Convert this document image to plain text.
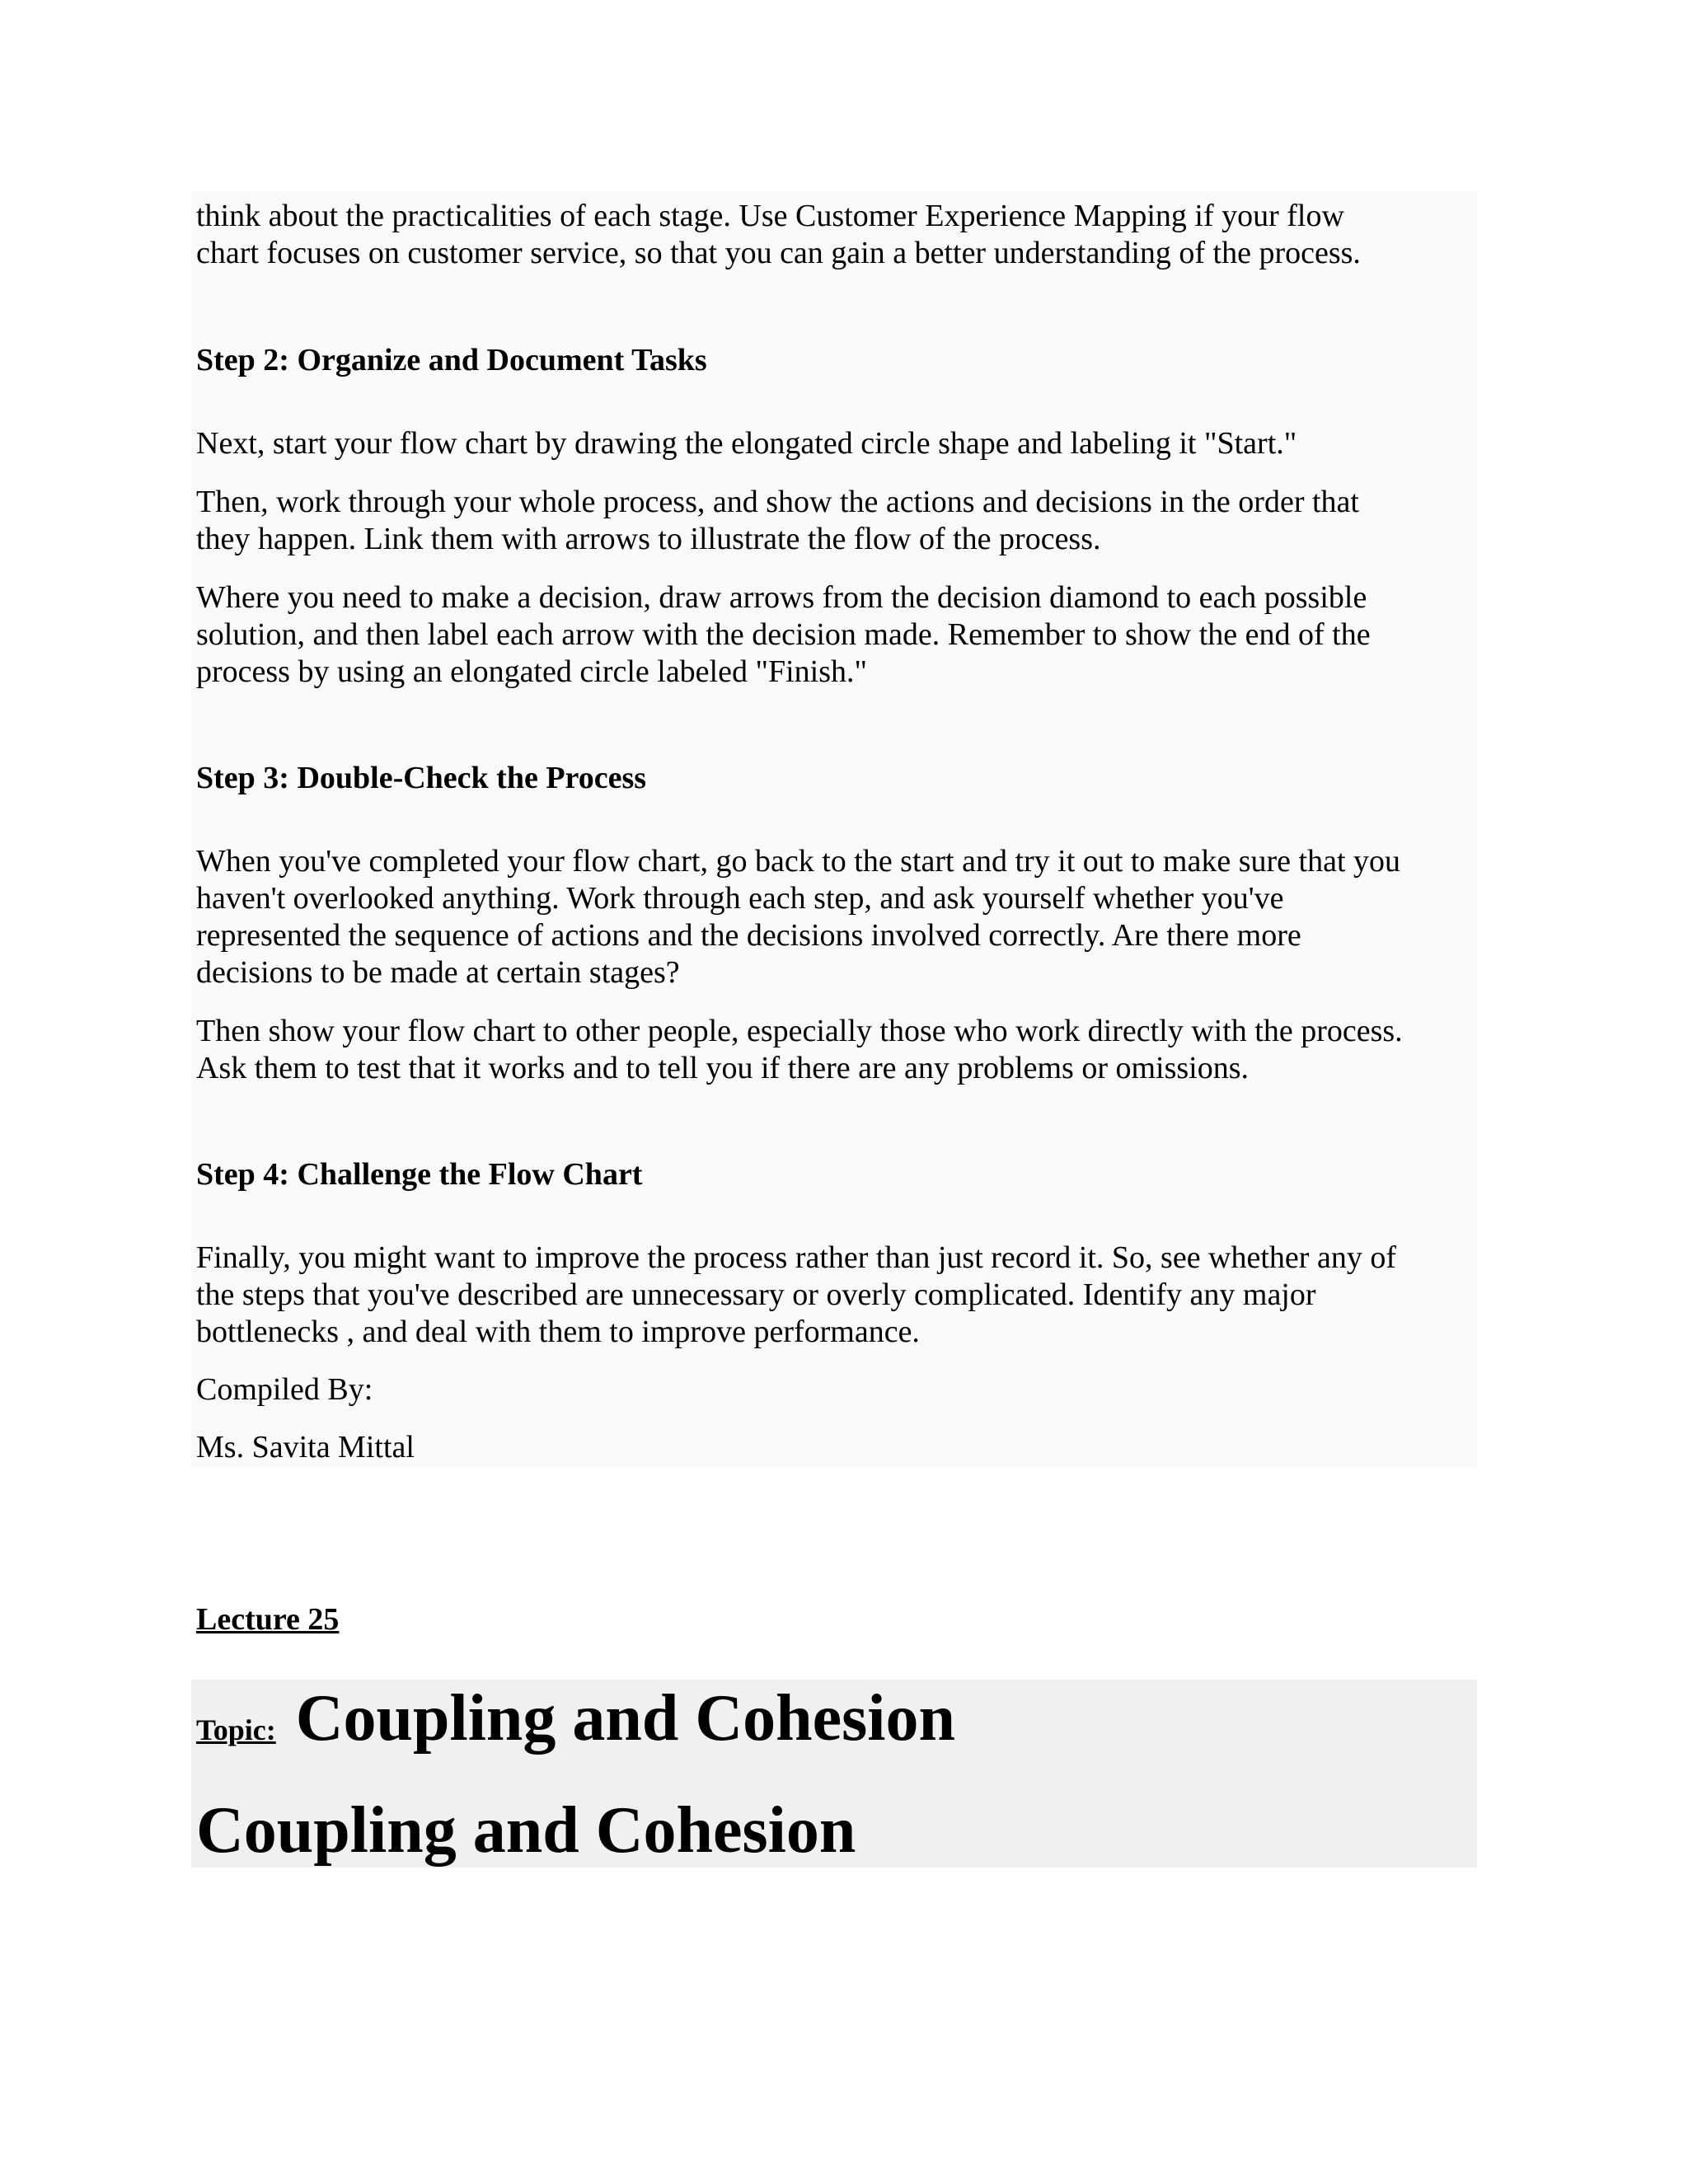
think about the practicalities of each stage. Use Customer Experience Mapping if your flow

chart focuses on customer service, so that you can gain a better understanding of the process.

Step 2: Organize and Document Tasks

Next, start your flow chart by drawing the elongated circle shape and labeling it "Start."

Then, work through your whole process, and show the actions and decisions in the order that

they happen. Link them with arrows to illustrate the flow of the process.

Where you need to make a decision, draw arrows from the decision diamond to each possible

solution, and then label each arrow with the decision made. Remember to show the end of the

process by using an elongated circle labeled "Finish."

Step 3: Double-Check the Process

When you've completed your flow chart, go back to the start and try it out to make sure that you

haven't overlooked anything. Work through each step, and ask yourself whether you've

represented the sequence of actions and the decisions involved correctly. Are there more

decisions to be made at certain stages?

Then show your flow chart to other people, especially those who work directly with the process.

Ask them to test that it works and to tell you if there are any problems or omissions.

Step 4: Challenge the Flow Chart

Finally, you might want to improve the process rather than just record it. So, see whether any of

the steps that you've described are unnecessary or overly complicated. Identify any major

bottlenecks , and deal with them to improve performance.

Compiled By:

Ms. Savita Mittal

Lecture 25

Topic: Coupling and Cohesion

Coupling and Cohesion
